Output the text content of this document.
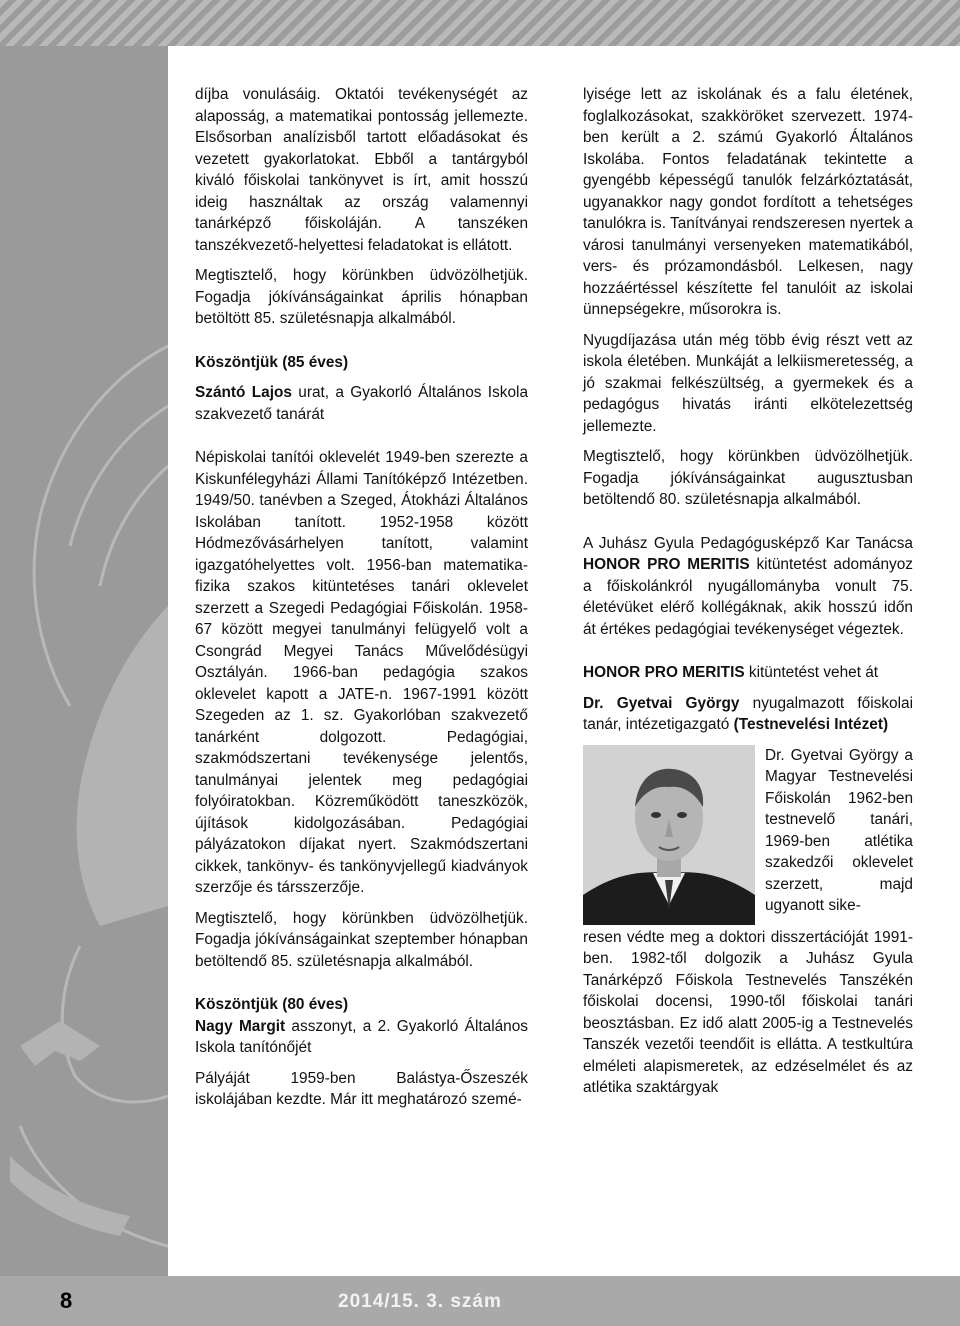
díjba vonulásáig. Oktatói tevékenységét az alaposság, a matematikai pontosság jellemezte. Elsősorban analízisből tartott előadásokat és vezetett gyakorlatokat. Ebből a tantárgyból kiváló főiskolai tankönyvet is írt, amit hosszú ideig használtak az ország valamennyi tanárképző főiskoláján. A tanszéken tanszékvezető-helyettesi feladatokat is ellátott.

Megtisztelő, hogy körünkben üdvözölhetjük. Fogadja jókívánságainkat április hónapban betöltött 85. születésnapja alkalmából.

Köszöntjük (85 éves)

Szántó Lajos urat, a Gyakorló Általános Iskola szakvezető tanárát

Népiskolai tanítói oklevelét 1949-ben szerezte a Kiskunfélegyházi Állami Tanítóképző Intézetben. 1949/50. tanévben a Szeged, Átokházi Általános Iskolában tanított. 1952-1958 között Hódmezővásárhelyen tanított, valamint igazgatóhelyettes volt. 1956-ban matematika-fizika szakos kitüntetéses tanári oklevelet szerzett a Szegedi Pedagógiai Főiskolán. 1958-67 között megyei tanulmányi felügyelő volt a Csongrád Megyei Tanács Művelődésügyi Osztályán. 1966-ban pedagógia szakos oklevelet kapott a JATE-n. 1967-1991 között Szegeden az 1. sz. Gyakorlóban szakvezető tanárként dolgozott. Pedagógiai, szakmódszertani tevékenysége jelentős, tanulmányai jelentek meg pedagógiai folyóiratokban. Közreműködött taneszközök, újítások kidolgozásában. Pedagógiai pályázatokon díjakat nyert. Szakmódszertani cikkek, tankönyv- és tankönyvjellegű kiadványok szerzője és társszerzője.

Megtisztelő, hogy körünkben üdvözölhetjük. Fogadja jókívánságainkat szeptember hónapban betöltendő 85. születésnapja alkalmából.

Köszöntjük (80 éves)

Nagy Margit asszonyt, a 2. Gyakorló Általános Iskola tanítónőjét

Pályáját 1959-ben Balástya-Őszeszék iskolájában kezdte. Már itt meghatározó szemé-

lyisége lett az iskolának és a falu életének, foglalkozásokat, szakköröket szervezett. 1974-ben került a 2. számú Gyakorló Általános Iskolába. Fontos feladatának tekintette a gyengébb képességű tanulók felzárkóztatását, ugyanakkor nagy gondot fordított a tehetséges tanulókra is. Tanítványai rendszeresen nyertek a városi tanulmányi versenyeken matematikából, vers- és prózamondásból. Lelkesen, nagy hozzáértéssel készítette fel tanulóit az iskolai ünnepségekre, műsorokra is.

Nyugdíjazása után még több évig részt vett az iskola életében. Munkáját a lelkiismeretesség, a jó szakmai felkészültség, a gyermekek és a pedagógus hivatás iránti elkötelezettség jellemezte.

Megtisztelő, hogy körünkben üdvözölhetjük. Fogadja jókívánságainkat augusztusban betöltendő 80. születésnapja alkalmából.

A Juhász Gyula Pedagógusképző Kar Tanácsa HONOR PRO MERITIS kitüntetést adományoz a főiskolánkról nyugállományba vonult 75. életévüket elérő kollégáknak, akik hosszú időn át értékes pedagógiai tevékenységet végeztek.

HONOR PRO MERITIS kitüntetést vehet át

Dr. Gyetvai György nyugalmazott főiskolai tanár, intézetigazgató (Testnevelési Intézet)

Dr. Gyetvai György a Magyar Testnevelési Főiskolán 1962-ben testnevelő tanári, 1969-ben atlétika szakedzői oklevelet szerzett, majd ugyanott sike-

resen védte meg a doktori disszertációját 1991-ben. 1982-től dolgozik a Juhász Gyula Tanárképző Főiskola Testnevelés Tanszékén főiskolai docensi, 1990-től főiskolai tanári beosztásban. Ez idő alatt 2005-ig a Testnevelés Tanszék vezetői teendőit is ellátta. A testkultúra elméleti alapismeretek, az edzéselmélet és az atlétika szaktárgyak

8	2014/15. 3. szám
